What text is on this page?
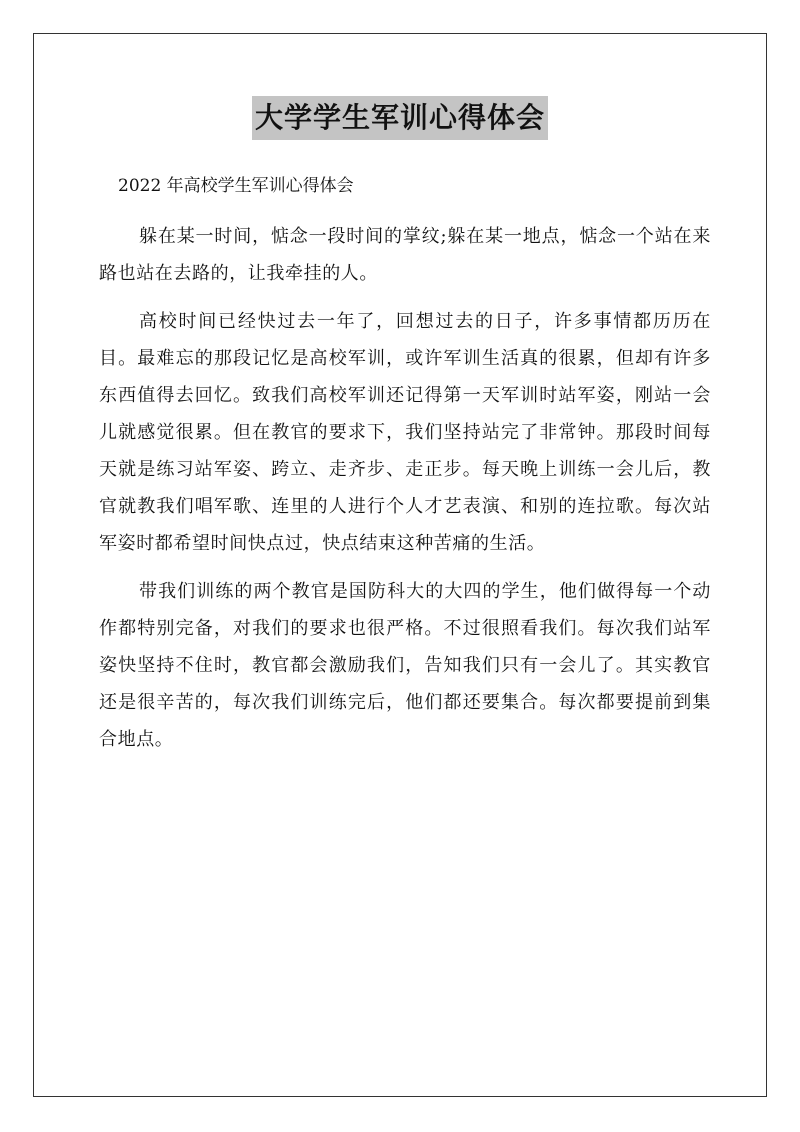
大学学生军训心得体会
2022 年高校学生军训心得体会

躲在某一时间，惦念一段时间的掌纹;躲在某一地点，惦念一个站在来路也站在去路的，让我牵挂的人。

高校时间已经快过去一年了，回想过去的日子，许多事情都历历在目。最难忘的那段记忆是高校军训，或许军训生活真的很累，但却有许多东西值得去回忆。致我们高校军训还记得第一天军训时站军姿，刚站一会儿就感觉很累。但在教官的要求下，我们坚持站完了非常钟。那段时间每天就是练习站军姿、跨立、走齐步、走正步。每天晚上训练一会儿后，教官就教我们唱军歌、连里的人进行个人才艺表演、和别的连拉歌。每次站军姿时都希望时间快点过，快点结束这种苦痛的生活。

带我们训练的两个教官是国防科大的大四的学生，他们做得每一个动作都特别完备，对我们的要求也很严格。不过很照看我们。每次我们站军姿快坚持不住时，教官都会激励我们，告知我们只有一会儿了。其实教官还是很辛苦的，每次我们训练完后，他们都还要集合。每次都要提前到集合地点。
